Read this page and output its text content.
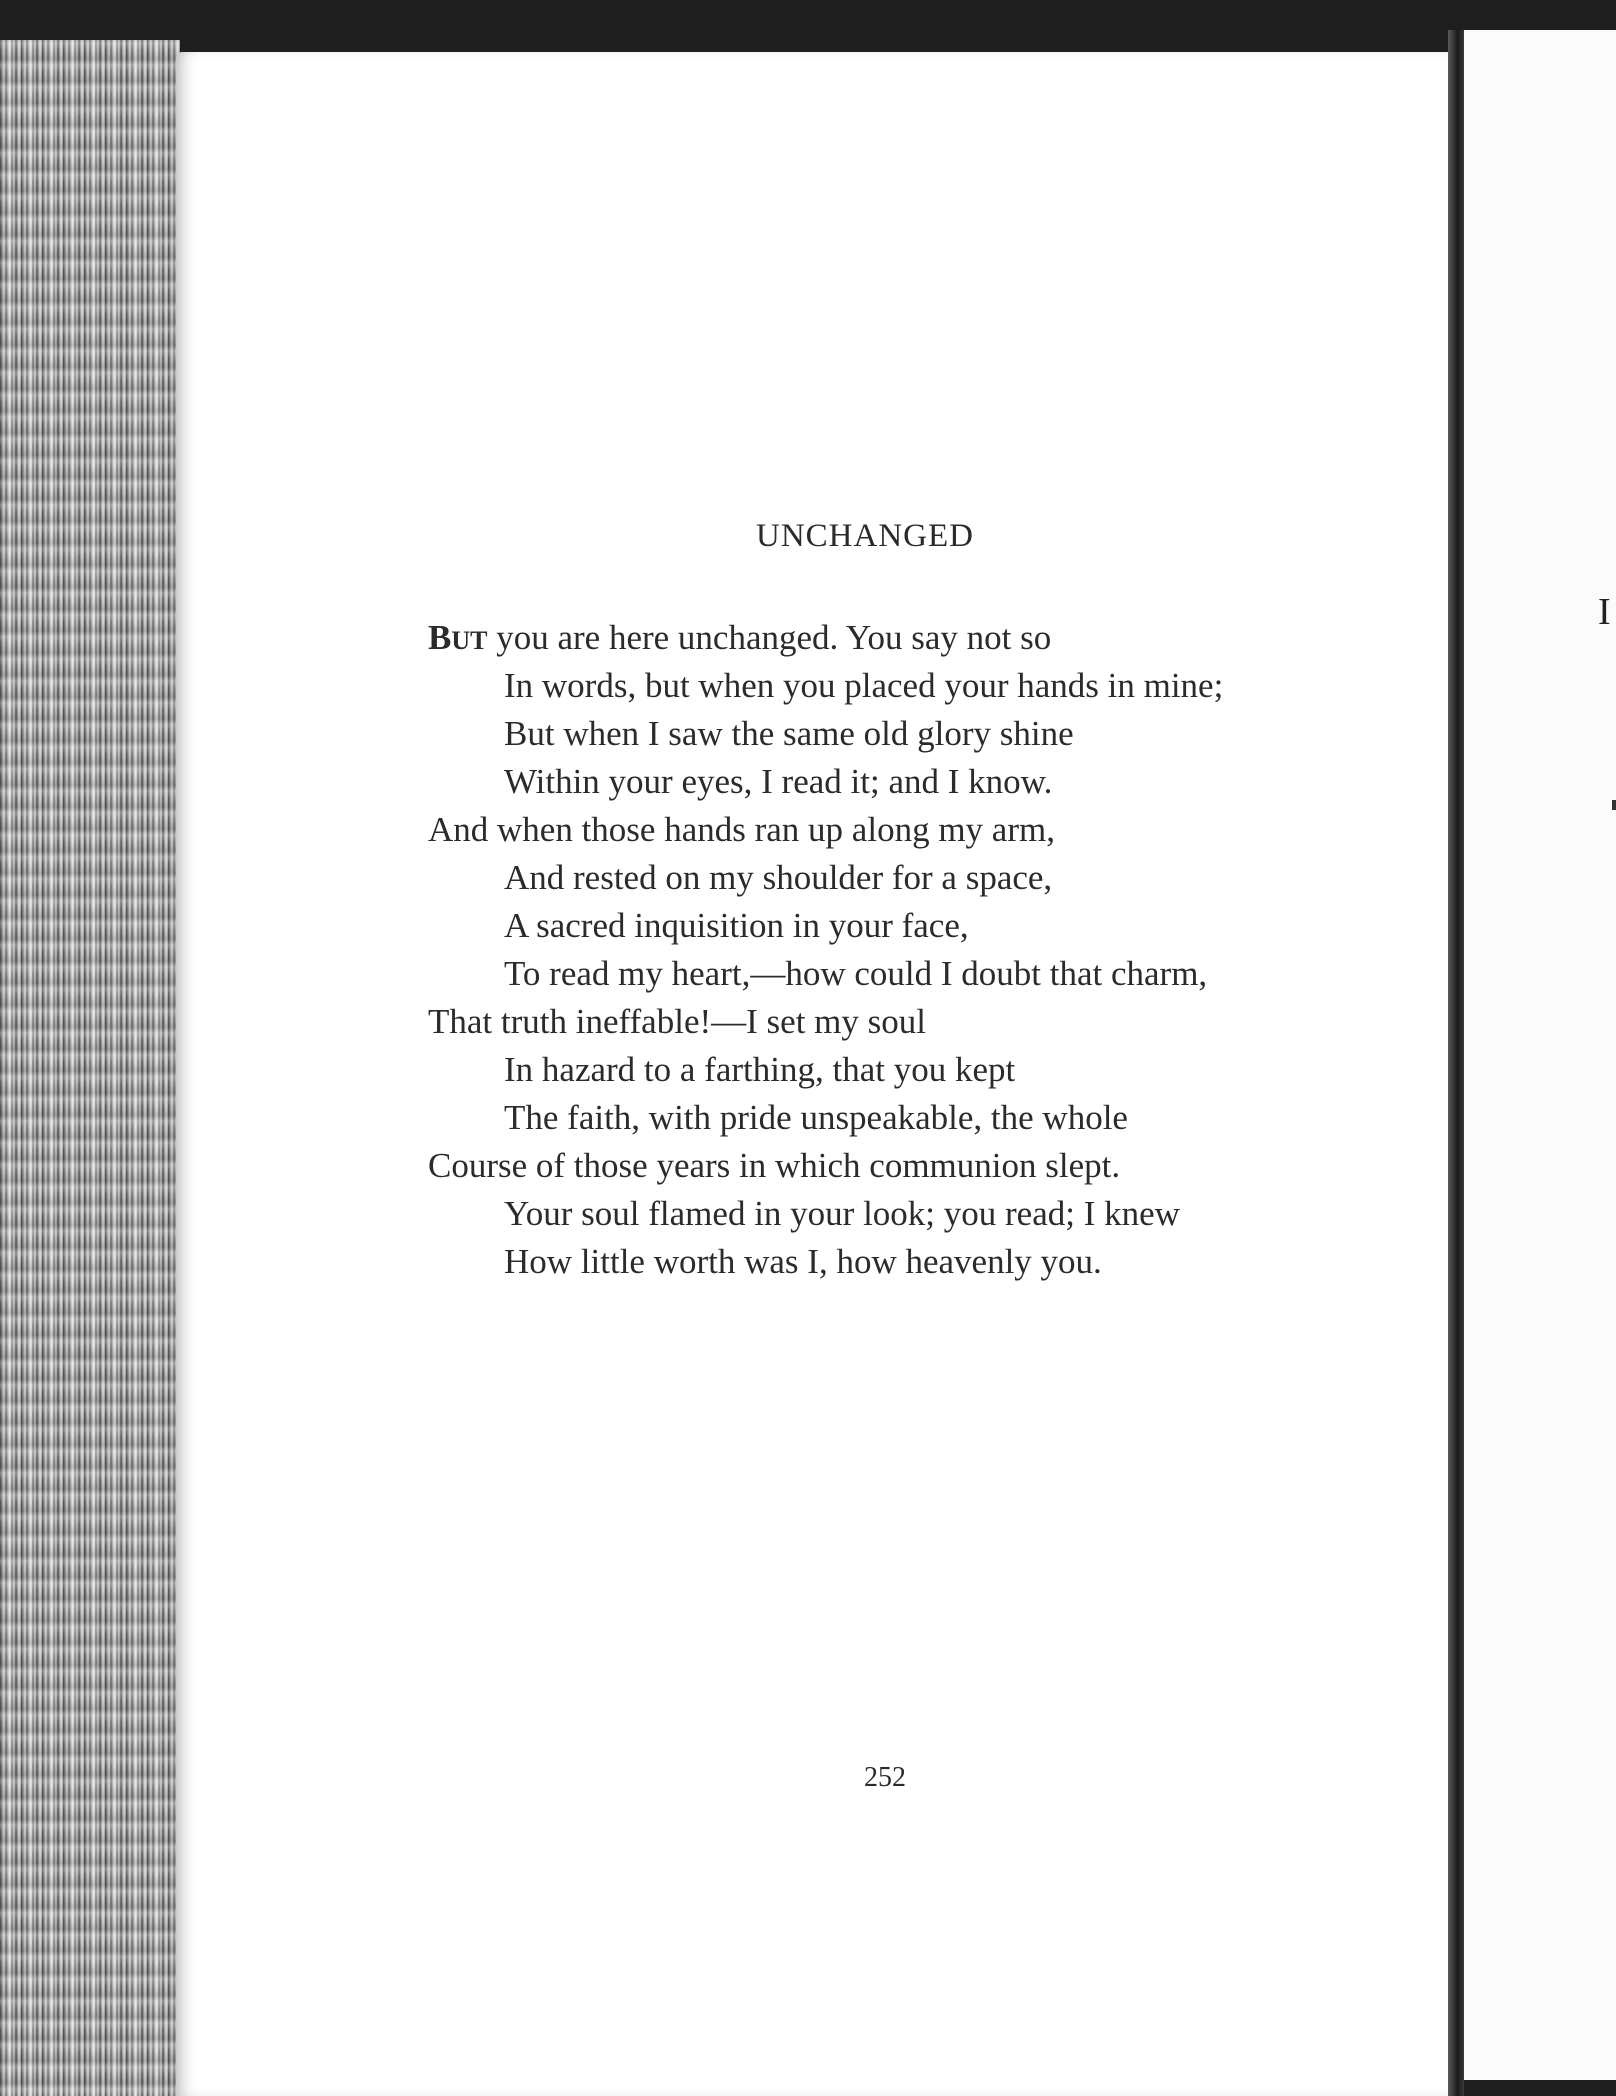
I
UNCHANGED
BUT you are here unchanged. You say not so
In words, but when you placed your hands in mine;
But when I saw the same old glory shine
Within your eyes, I read it; and I know.
And when those hands ran up along my arm,
And rested on my shoulder for a space,
A sacred inquisition in your face,
To read my heart,—how could I doubt that charm,
That truth ineffable!—I set my soul
In hazard to a farthing, that you kept
The faith, with pride unspeakable, the whole
Course of those years in which communion slept.
Your soul flamed in your look; you read; I knew
How little worth was I, how heavenly you.
252
